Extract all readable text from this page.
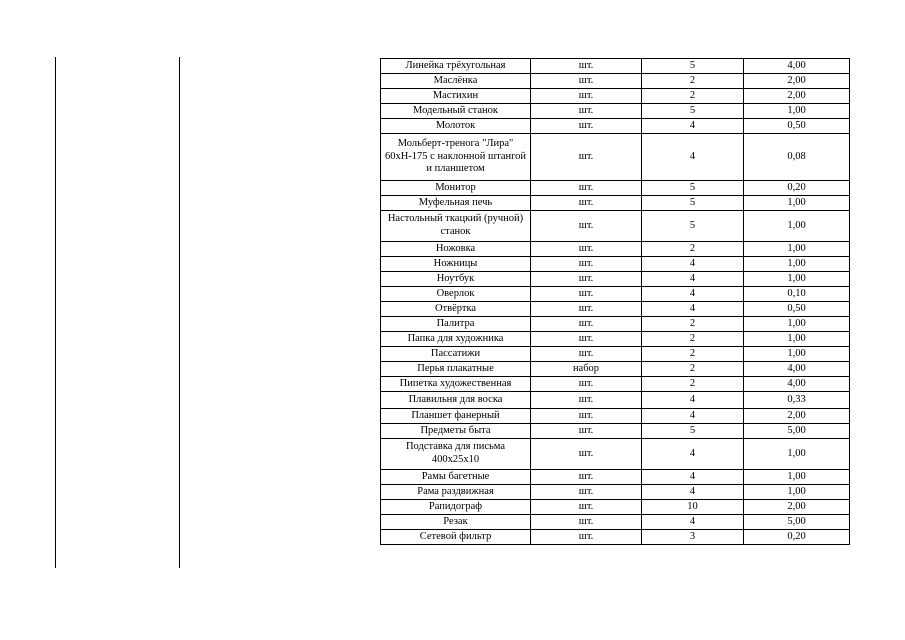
Линейка трёхугольная	шт.	5	4,00
Маслёнка	шт.	2	2,00
Мастихин	шт.	2	2,00
Модельный станок	шт.	5	1,00
Молоток	шт.	4	0,50
Мольберт-тренога "Лира" 60хН-175 с наклонной штангой и планшетом	шт.	4	0,08
Монитор	шт.	5	0,20
Муфельная печь	шт.	5	1,00
Настольный ткацкий (ручной) станок	шт.	5	1,00
Ножовка	шт.	2	1,00
Ножницы	шт.	4	1,00
Ноутбук	шт.	4	1,00
Оверлок	шт.	4	0,10
Отвёртка	шт.	4	0,50
Палитра	шт.	2	1,00
Папка для художника	шт.	2	1,00
Пассатижи	шт.	2	1,00
Перья плакатные	набор	2	4,00
Пипетка художественная	шт.	2	4,00
Плавильня для воска	шт.	4	0,33
Планшет фанерный	шт.	4	2,00
Предметы быта	шт.	5	5,00
Подставка для письма 400х25х10	шт.	4	1,00
Рамы багетные	шт.	4	1,00
Рама раздвижная	шт.	4	1,00
Рапидограф	шт.	10	2,00
Резак	шт.	4	5,00
Сетевой фильтр	шт.	3	0,20
